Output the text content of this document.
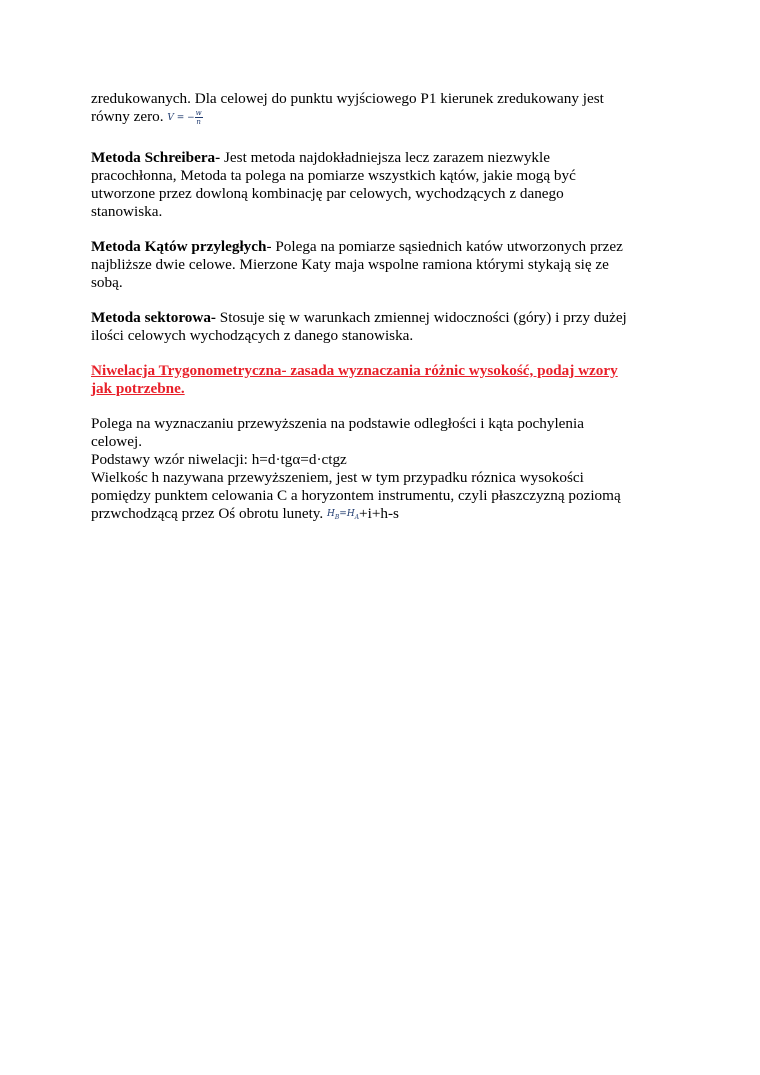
zredukowanych. Dla celowej do punktu wyjściowego P1 kierunek zredukowany jest
równy zero. V = − $\frac{w}{n}$

Metoda Schreibera- Jest metoda najdokładniejsza lecz zarazem niezwykle pracochłonna, Metoda ta polega na pomiarze wszystkich kątów, jakie mogą być utworzone przez dowloną kombinację par celowych, wychodzących z danego stanowiska.

Metoda Kątów przyległych- Polega na pomiarze sąsiednich katów utworzonych przez najbliższe dwie celowe. Mierzone Katy maja wspolne ramiona którymi stykają się ze sobą.

Metoda sektorowa- Stosuje się w warunkach zmiennej widoczności (góry) i przy dużej ilości celowych wychodzących z danego stanowiska.

Niwelacja Trygonometryczna- zasada wyznaczania różnic wysokość, podaj wzory jak potrzebne.

Polega na wyznaczaniu przewyższenia na podstawie odległości i kąta pochylenia celowej.
Podstawy wzór niwelacji: h=d·tgα=d·ctgz
Wielkośc h nazywana przewyższeniem, jest w tym przypadku róznica wysokości pomiędzy punktem celowania C a horyzontem instrumentu, czyli płaszczyzną poziomą przwchodzącą przez Oś obrotu lunety. $H_B=H_A+i+h-s$
